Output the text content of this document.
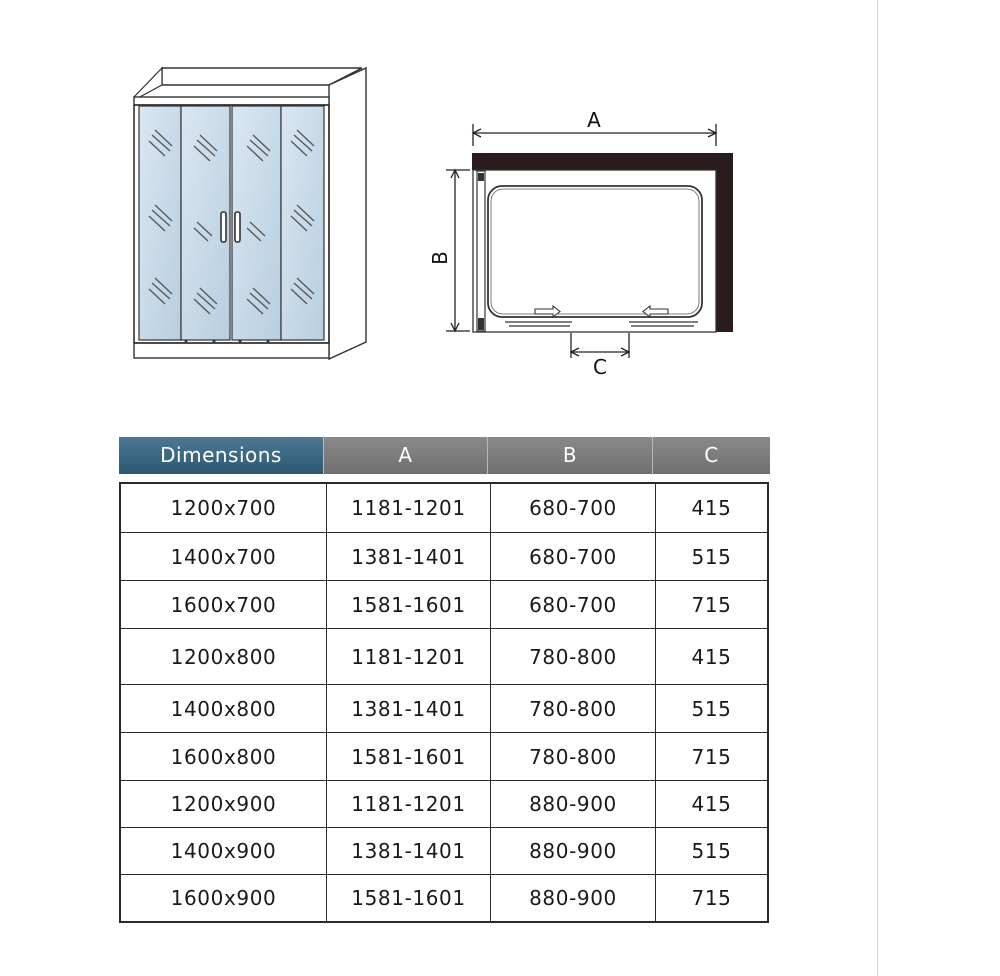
A
B
C
Dimensions	A	B	C
1200x700	1181-1201	680-700	415
1400x700	1381-1401	680-700	515
1600x700	1581-1601	680-700	715
1200x800	1181-1201	780-800	415
1400x800	1381-1401	780-800	515
1600x800	1581-1601	780-800	715
1200x900	1181-1201	880-900	415
1400x900	1381-1401	880-900	515
1600x900	1581-1601	880-900	715
